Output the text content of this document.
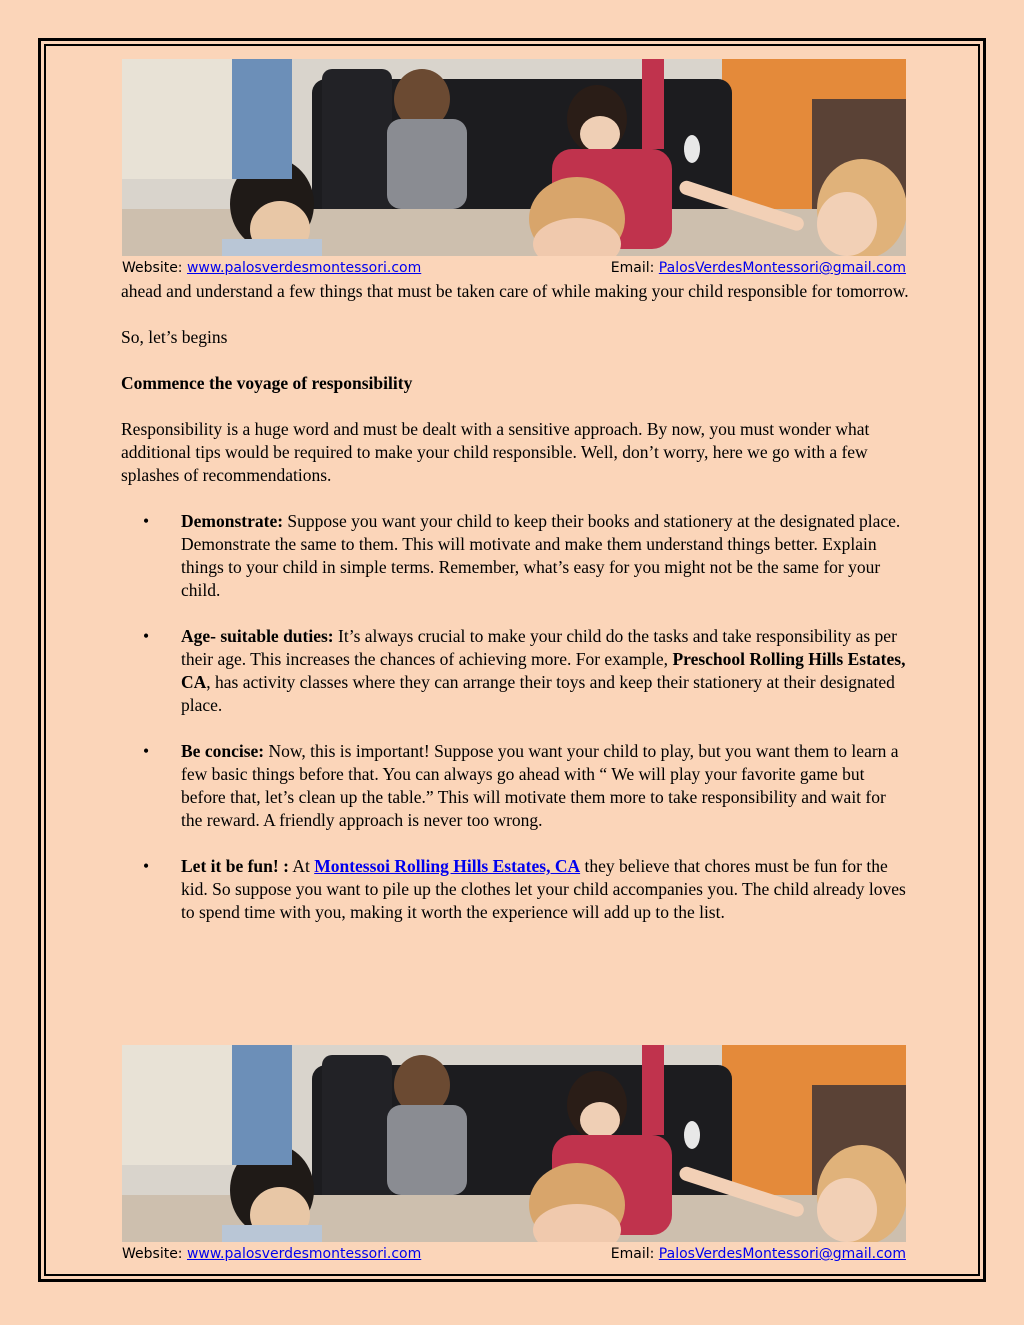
Website: www.palosverdesmontessori.com	Email: PalosVerdesMontessori@gmail.com

ahead and understand a few things that must be taken care of while making your child responsible for tomorrow.

So, let’s begins

Commence the voyage of responsibility

Responsibility is a huge word and must be dealt with a sensitive approach. By now, you must wonder what additional tips would be required to make your child responsible. Well, don’t worry, here we go with a few splashes of recommendations.

• Demonstrate: Suppose you want your child to keep their books and stationery at the designated place. Demonstrate the same to them. This will motivate and make them understand things better. Explain things to your child in simple terms. Remember, what’s easy for you might not be the same for your child.
• Age- suitable duties: It’s always crucial to make your child do the tasks and take responsibility as per their age. This increases the chances of achieving more. For example, Preschool Rolling Hills Estates, CA, has activity classes where they can arrange their toys and keep their stationery at their designated place.
• Be concise: Now, this is important! Suppose you want your child to play, but you want them to learn a few basic things before that. You can always go ahead with “ We will play your favorite game but before that, let’s clean up the table.” This will motivate them more to take responsibility and wait for the reward. A friendly approach is never too wrong.
• Let it be fun! : At Montessoi Rolling Hills Estates, CA they believe that chores must be fun for the kid. So suppose you want to pile up the clothes let your child accompanies you. The child already loves to spend time with you, making it worth the experience will add up to the list.
Website: www.palosverdesmontessori.com	Email: PalosVerdesMontessori@gmail.com
